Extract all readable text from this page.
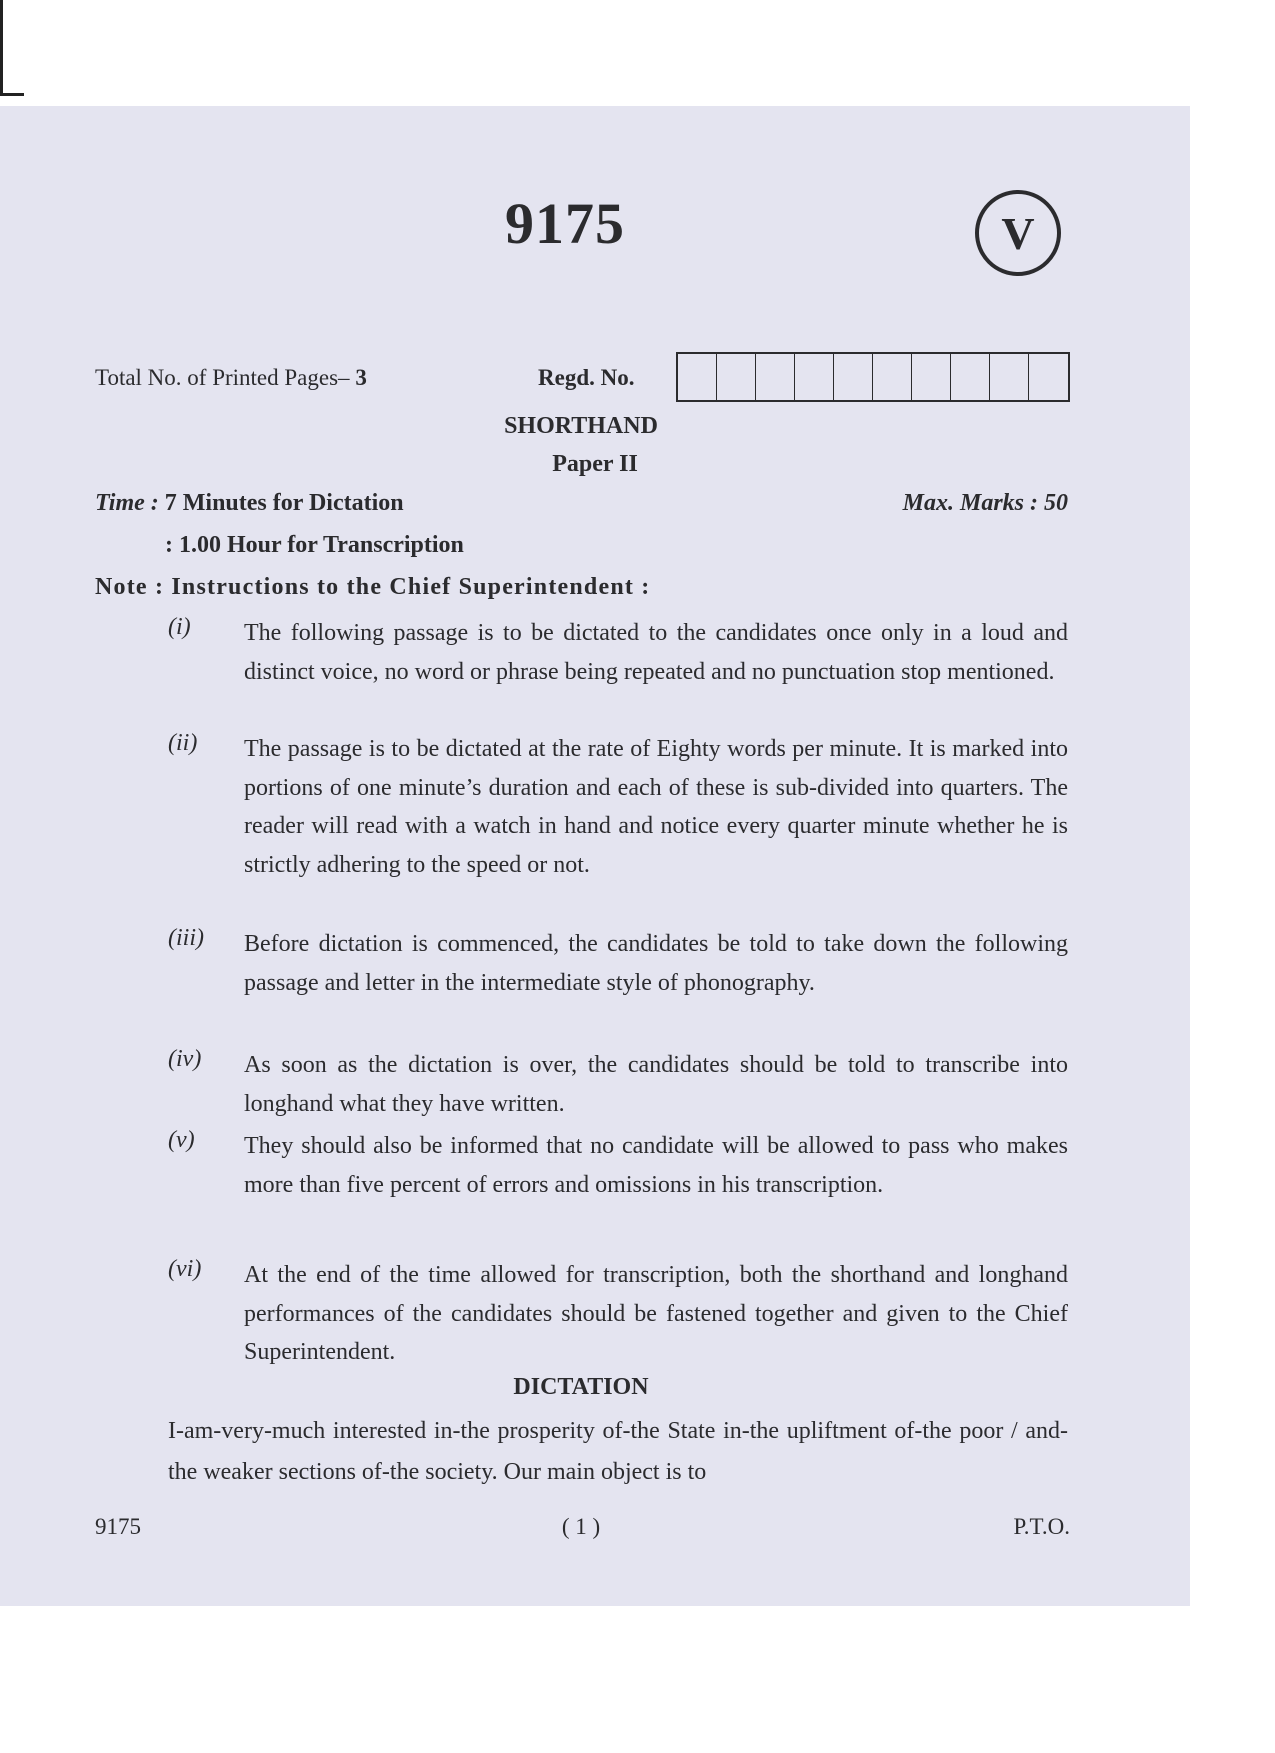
9175	V
Total No. of Printed Pages– 3	Regd. No.
SHORTHAND
Paper II
Time : 7 Minutes for Dictation	Max. Marks : 50
: 1.00 Hour for Transcription
Note : Instructions to the Chief Superintendent :
(i) The following passage is to be dictated to the candidates once only in a loud and distinct voice, no word or phrase being repeated and no punctuation stop mentioned.
(ii) The passage is to be dictated at the rate of Eighty words per minute. It is marked into portions of one minute’s duration and each of these is sub-divided into quarters. The reader will read with a watch in hand and notice every quarter minute whether he is strictly adhering to the speed or not.
(iii) Before dictation is commenced, the candidates be told to take down the following passage and letter in the intermediate style of phonography.
(iv) As soon as the dictation is over, the candidates should be told to transcribe into longhand what they have written.
(v) They should also be informed that no candidate will be allowed to pass who makes more than five percent of errors and omissions in his transcription.
(vi) At the end of the time allowed for transcription, both the shorthand and longhand performances of the candidates should be fastened together and given to the Chief Superintendent.
DICTATION
I-am-very-much interested in-the prosperity of-the State in-the upliftment of-the poor / and-the weaker sections of-the society. Our main object is to
9175	( 1 )	P.T.O.
